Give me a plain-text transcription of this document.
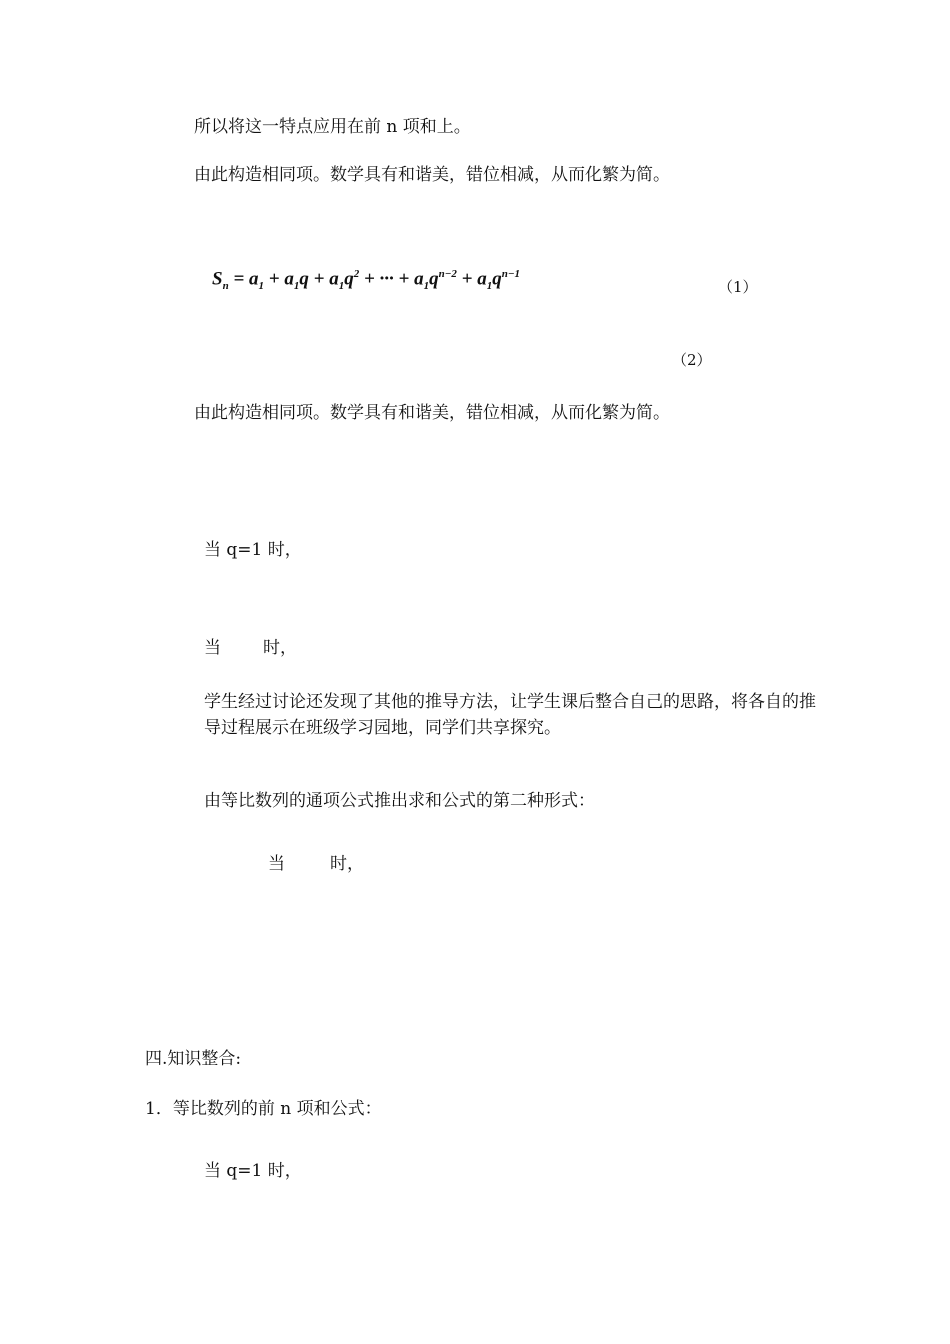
所以将这一特点应用在前 n 项和上。
由此构造相同项。数学具有和谐美，错位相减，从而化繁为简。
$S_n = a_1 + a_1q + a_1q^2$ + ··· + $a_1q^{n-2} + a_1q^{n-1}$
（1）
（2）
由此构造相同项。数学具有和谐美，错位相减，从而化繁为简。
当 q=1 时，
当 时，
学生经过讨论还发现了其他的推导方法，让学生课后整合自己的思路，将各自的推导过程展示在班级学习园地，同学们共享探究。
由等比数列的通项公式推出求和公式的第二种形式：
当	时，
四.知识整合:
1．等比数列的前 n 项和公式：
当 q=1 时，
